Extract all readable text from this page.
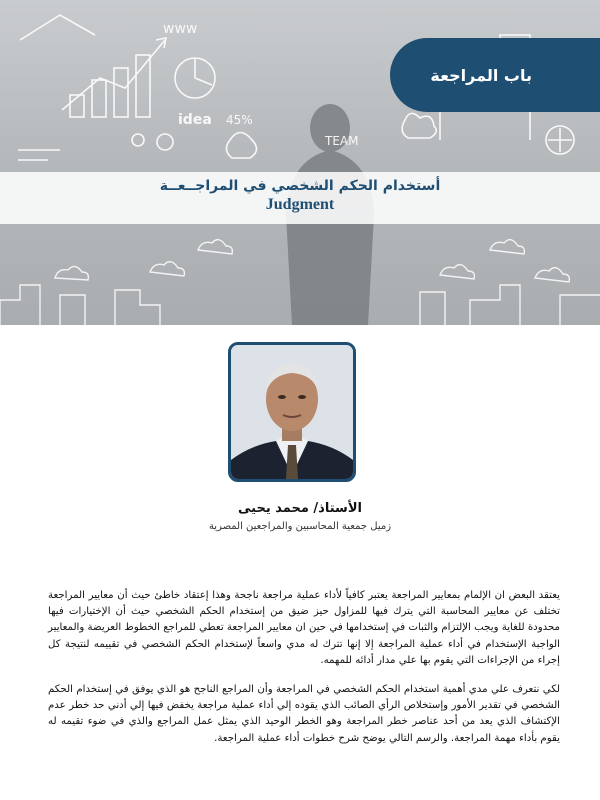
www
idea
TEAM
45%
باب المراجعة
أستخدام الحكم الشخصي في المراجــعــة
Judgment
الأستاذ/ محمد يحيى
زميل جمعية المحاسبين والمراجعين المصرية

يعتقد البعض ان الإلمام بمعايير المراجعة يعتبر كافياً لأداء عملية مراجعة ناجحة وهذا إعتقاد خاطئ حيث أن معايير المراجعة تختلف عن معايير المحاسبة التي يترك فيها للمزاول حيز ضيق من إستخدام الحكم الشخصي حيث أن الإختيارات فيها محدودة للغاية ويجب الإلتزام والثبات في إستخدامها في حين ان معايير المراجعة تعطي للمراجع الخطوط العريضة والمعايير الواجبة الإستخدام في أداء عملية المراجعة إلا إنها تترك له مدي واسعاً لإستخدام الحكم الشخصي في تقييمه لنتيجة كل إجراء من الإجراءات التي يقوم بها علي مدار أدائه للمهمه.

لكي نتعرف علي مدي أهمية استخدام الحكم الشخصي في المراجعة وأن المراجع الناجح هو الذي يوفق في إستخدام الحكم الشخصي في تقدير الأمور وإستخلاص الرأي الصائب الذي يقوده إلي أداء عملية مراجعة يخفض فيها إلي أدني حد خطر عدم الإكتشاف الذي يعد من أحد عناصر خطر المراجعة وهو الخطر الوحيد الذي يمثل عمل المراجع والذي في ضوء تقيمه له يقوم بأداء مهمة المراجعة. والرسم التالي يوضح شرح خطوات أداء عملية المراجعة.
